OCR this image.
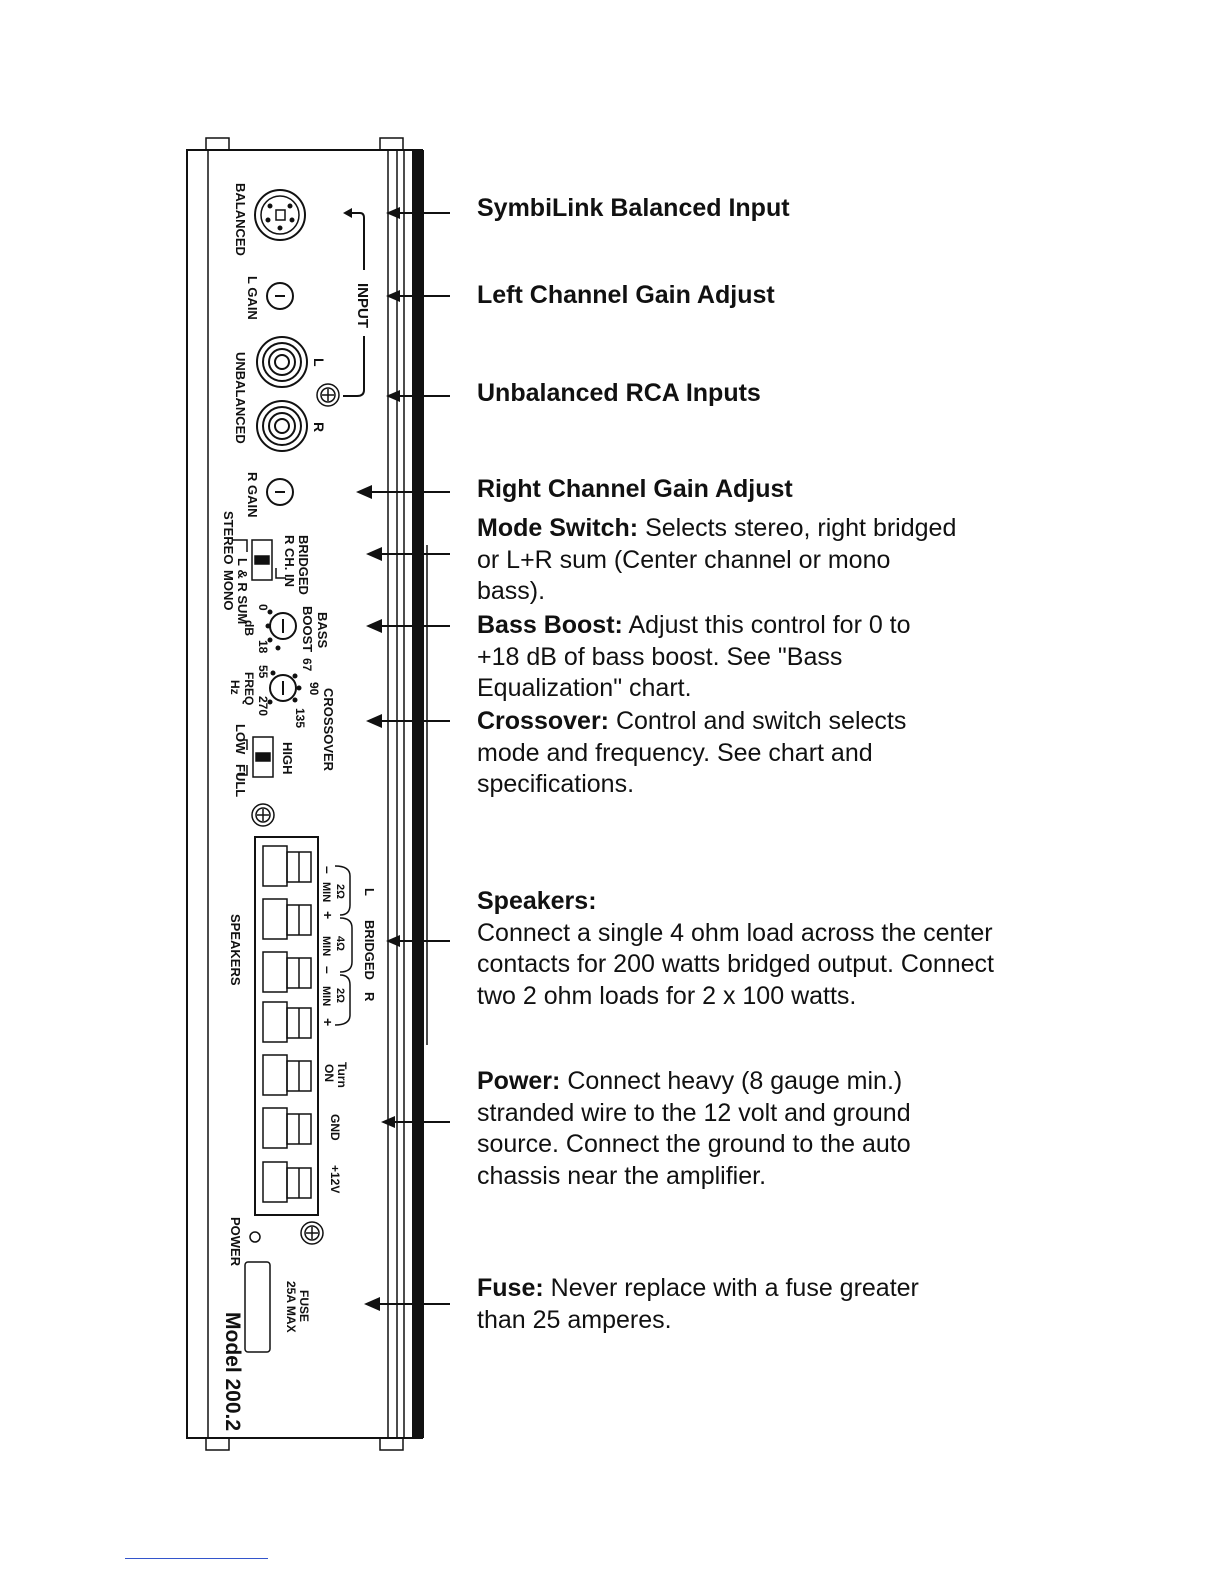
BALANCED
INPUT
L GAIN
UNBALANCED	L
R
R GAIN
BRIDGED
R CH. IN
L & R SUM
MONO
STEREO
BASS
BOOST
0
18
dB
CROSSOVER
67
90
135
55
270
FREQ
Hz
HIGH
LOW
FULL
SPEAKERS
L
BRIDGED
R
–
2Ω
MIN
+
4Ω
MIN
–
2Ω
MIN
+
Turn
ON
GND
+12V
POWER
FUSE
25A MAX
Model 200.2
SymbiLink Balanced Input
Left Channel Gain Adjust
Unbalanced RCA Inputs
Right Channel Gain Adjust
Mode Switch: Selects stereo, right bridged or L+R sum (Center channel or mono bass).
Bass Boost: Adjust this control for 0 to +18 dB of bass boost. See "Bass Equalization" chart.
Crossover: Control and switch selects mode and frequency. See chart and specifications.
Speakers:
Connect a single 4 ohm load across the center contacts for 200 watts bridged output. Connect two 2 ohm loads for 2 x 100 watts.
Power: Connect heavy (8 gauge min.) stranded wire to the 12 volt and ground source. Connect the ground to the auto chassis near the amplifier.
Fuse: Never replace with a fuse greater than 25 amperes.
